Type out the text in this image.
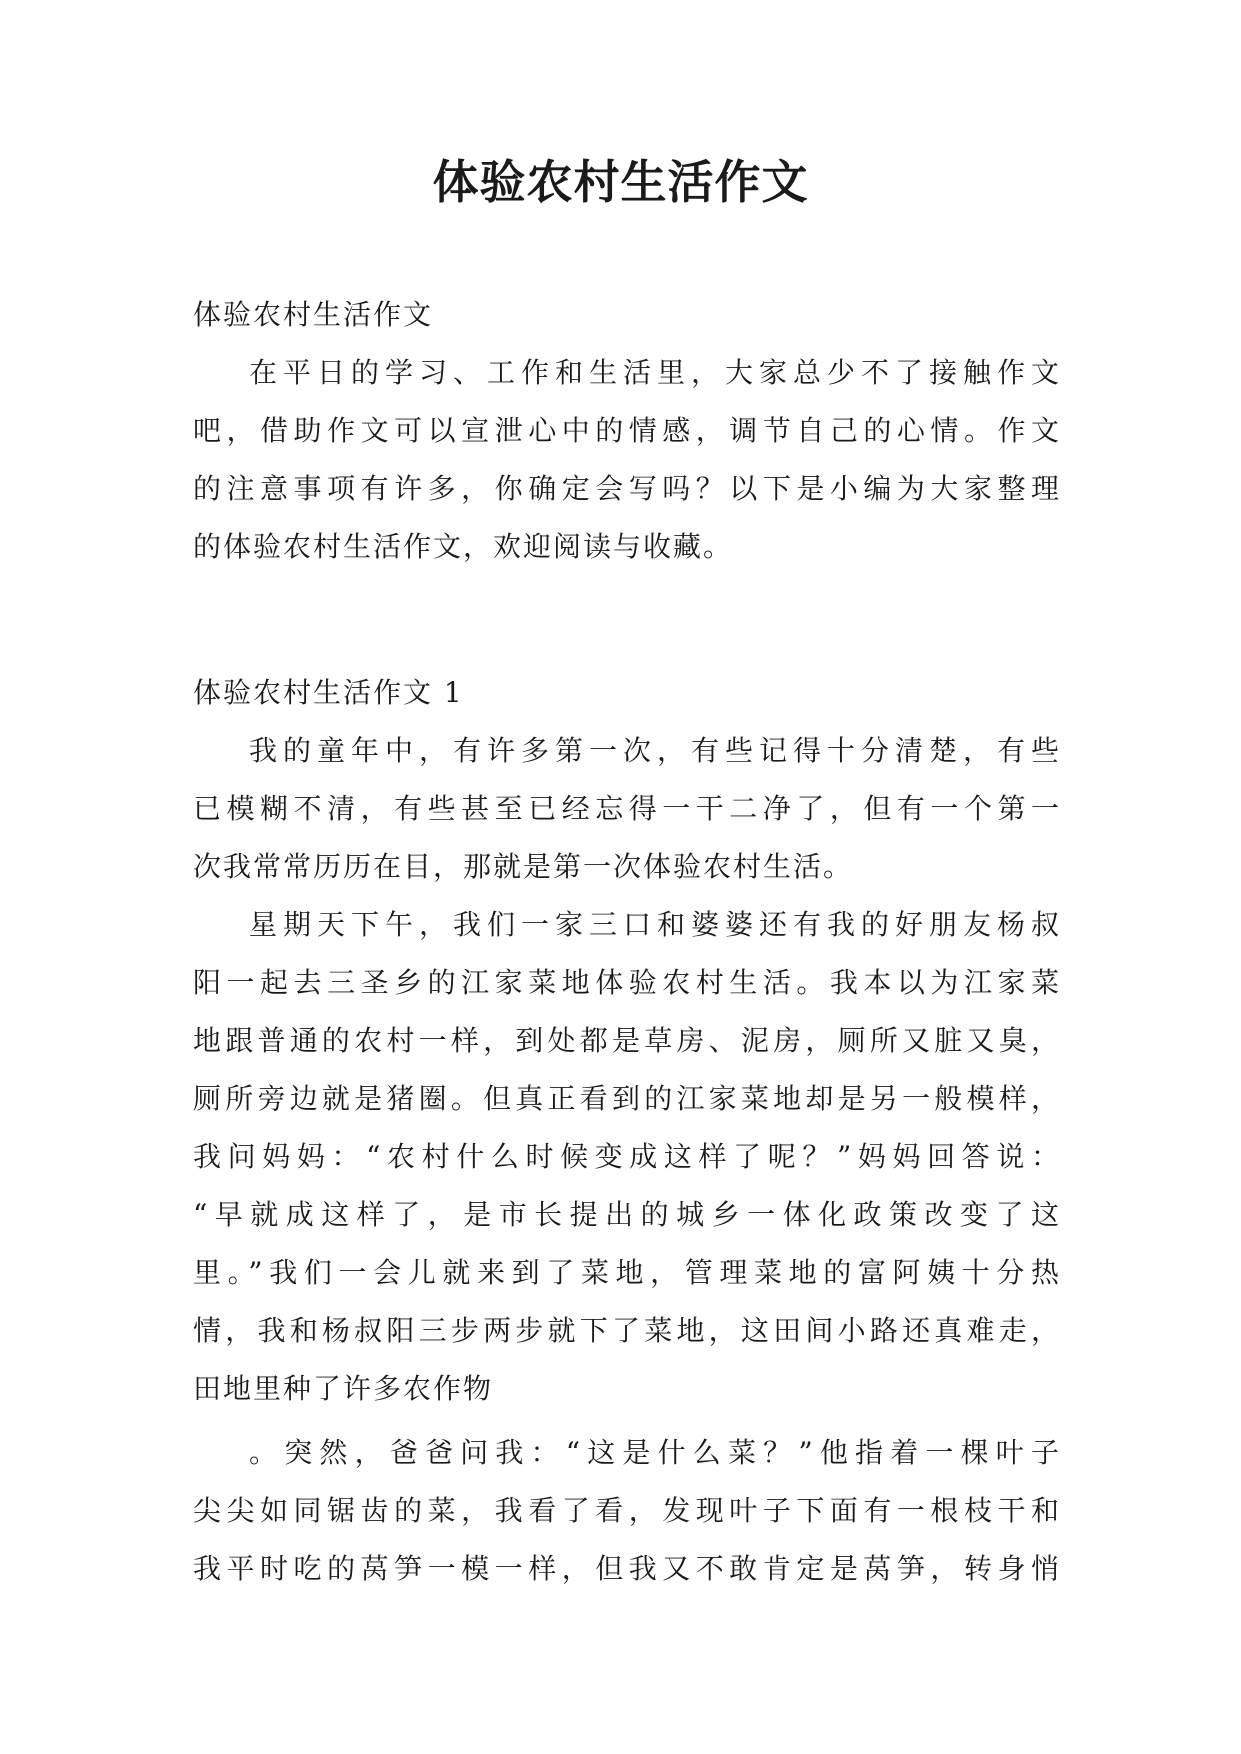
体验农村生活作文
体验农村生活作文
在平日的学习、工作和生活里，大家总少不了接触作文
吧，借助作文可以宣泄心中的情感，调节自己的心情。作文
的注意事项有许多，你确定会写吗？以下是小编为大家整理
的体验农村生活作文，欢迎阅读与收藏。
体验农村生活作文 1
我的童年中，有许多第一次，有些记得十分清楚，有些
已模糊不清，有些甚至已经忘得一干二净了，但有一个第一
次我常常历历在目，那就是第一次体验农村生活。
星期天下午，我们一家三口和婆婆还有我的好朋友杨叔
阳一起去三圣乡的江家菜地体验农村生活。我本以为江家菜
地跟普通的农村一样，到处都是草房、泥房，厕所又脏又臭，
厕所旁边就是猪圈。但真正看到的江家菜地却是另一般模样，
我问妈妈：“农村什么时候变成这样了呢？”妈妈回答说：
“早就成这样了，是市长提出的城乡一体化政策改变了这
里。”我们一会儿就来到了菜地，管理菜地的富阿姨十分热
情，我和杨叔阳三步两步就下了菜地，这田间小路还真难走，
田地里种了许多农作物
。突然，爸爸问我：“这是什么菜？”他指着一棵叶子
尖尖如同锯齿的菜，我看了看，发现叶子下面有一根枝干和
我平时吃的莴笋一模一样，但我又不敢肯定是莴笋，转身悄
